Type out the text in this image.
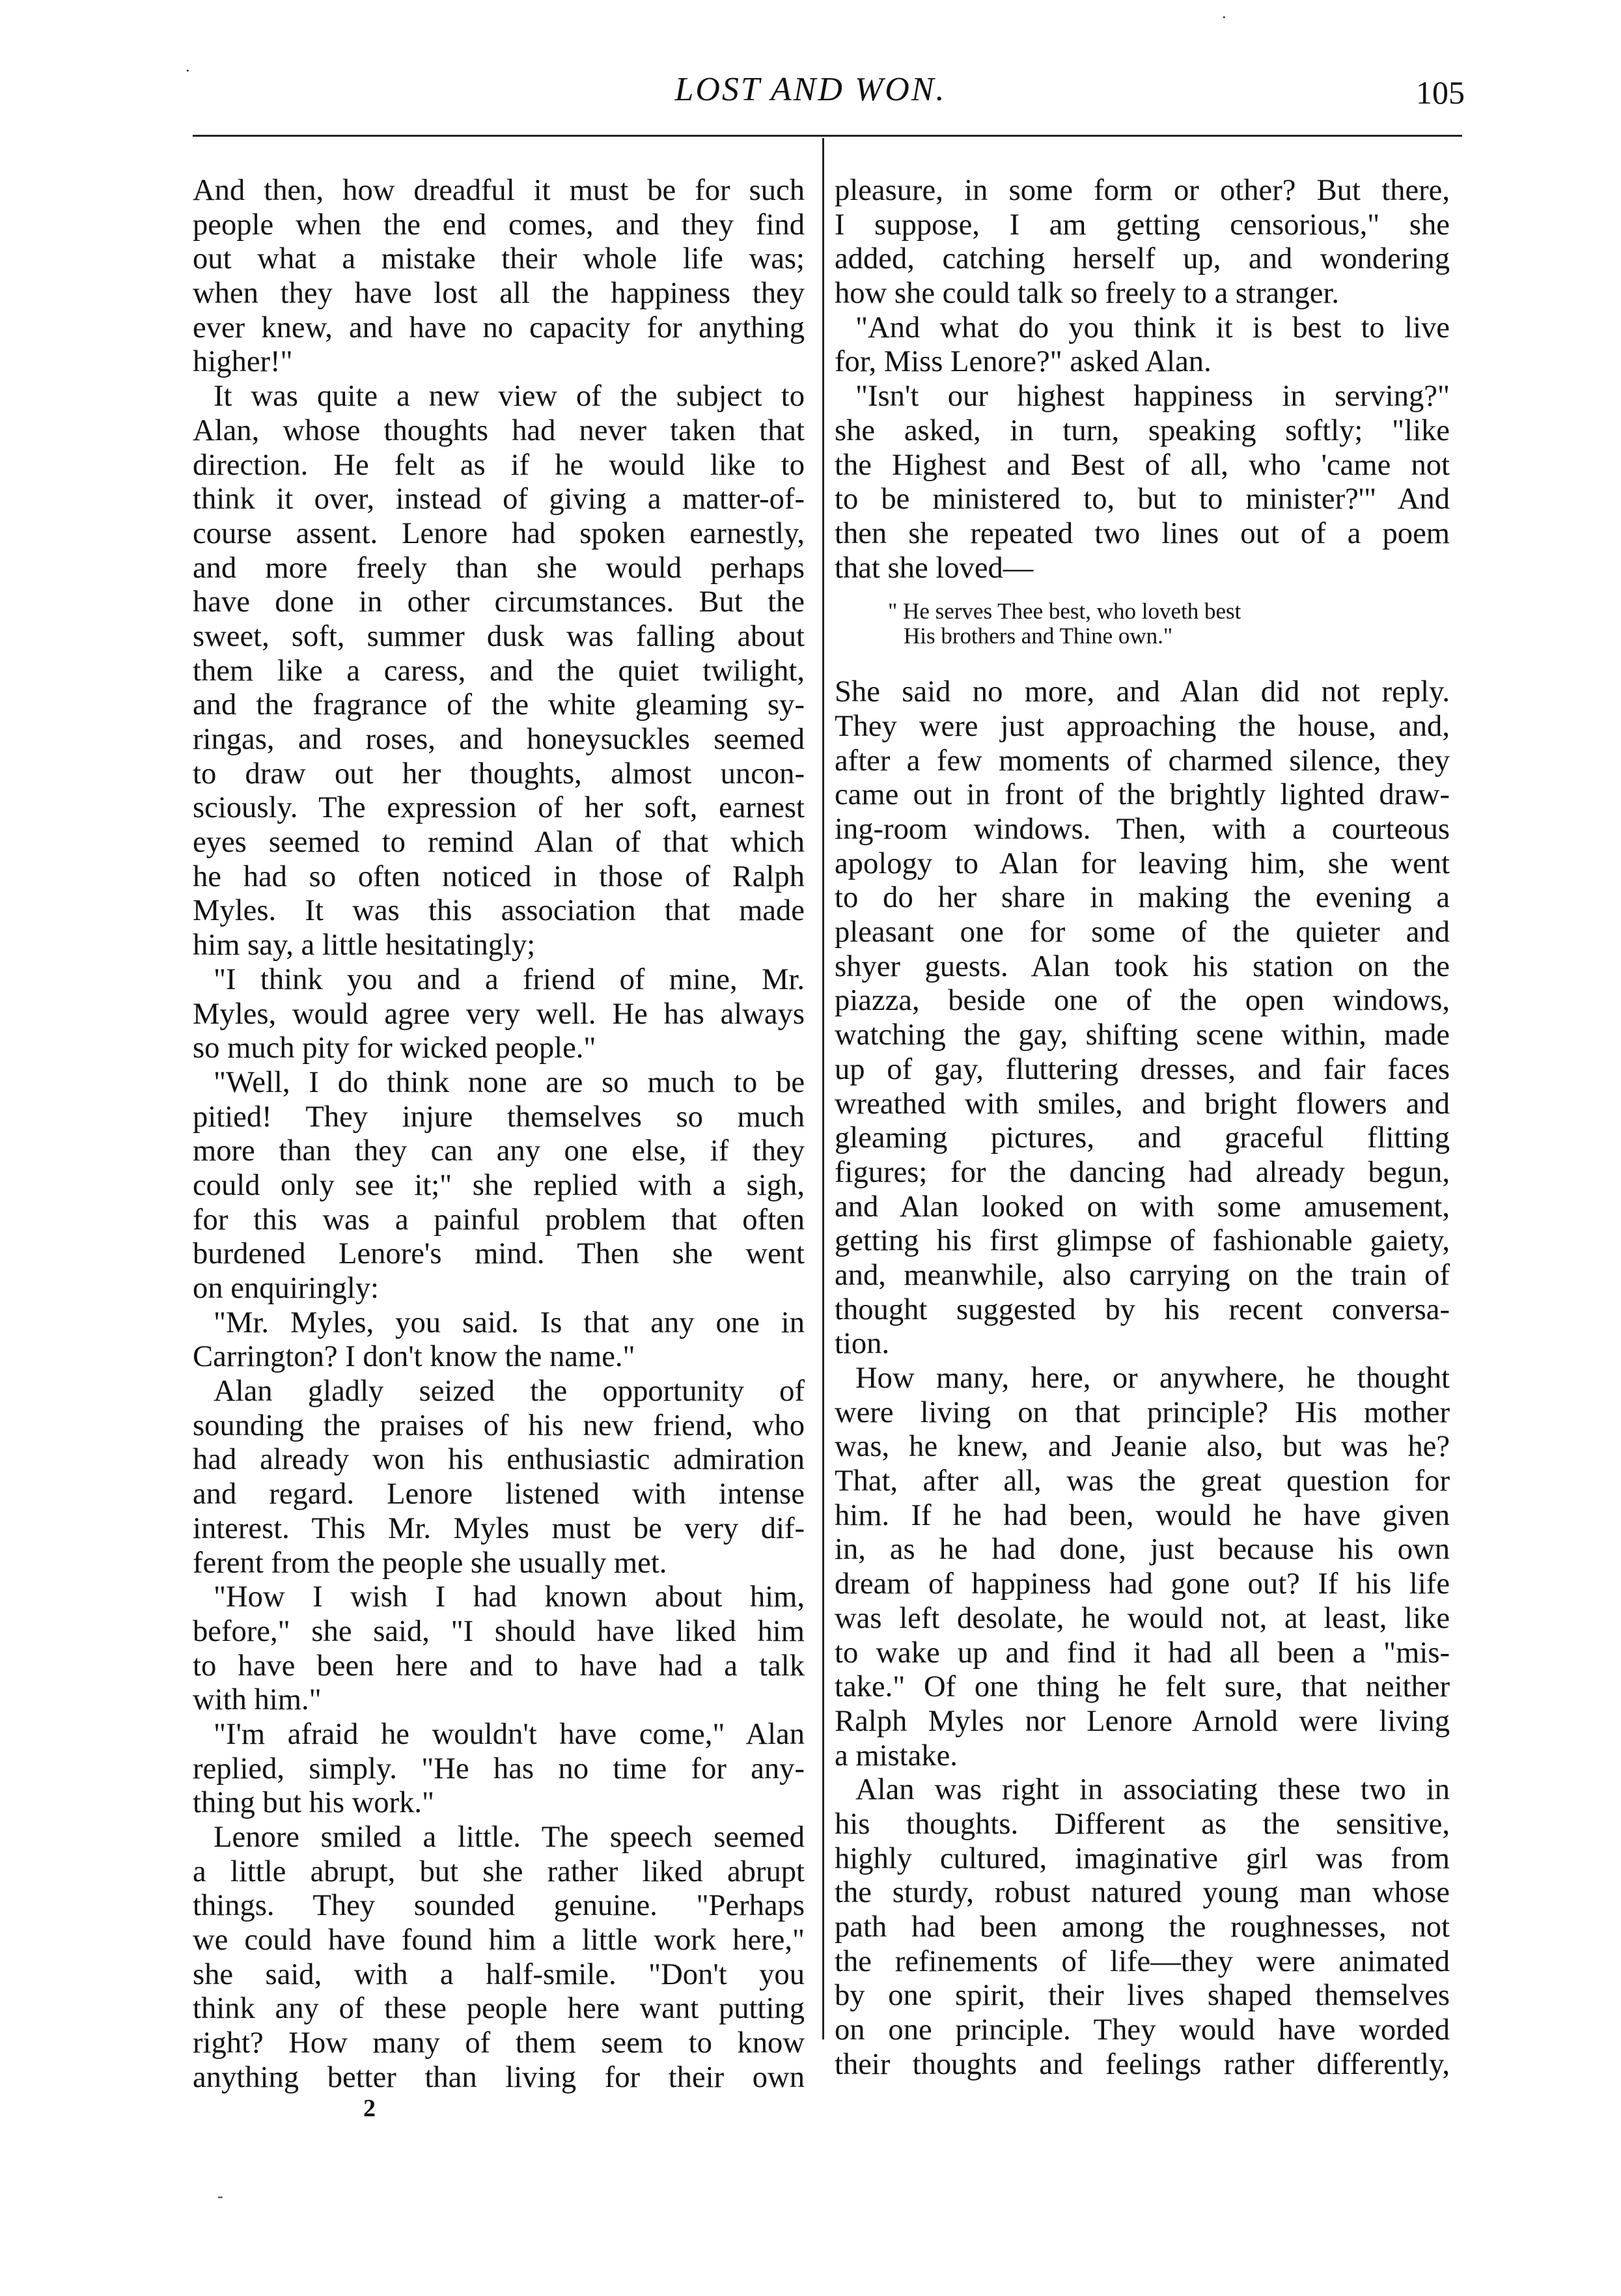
LOST AND WON.	105
·
·
-
And then, how dreadful it must be for such
people when the end comes, and they find
out what a mistake their whole life was;
when they have lost all the happiness they
ever knew, and have no capacity for anything
higher!"
It was quite a new view of the subject to
Alan, whose thoughts had never taken that
direction. He felt as if he would like to
think it over, instead of giving a matter-of-
course assent. Lenore had spoken earnestly,
and more freely than she would perhaps
have done in other circumstances. But the
sweet, soft, summer dusk was falling about
them like a caress, and the quiet twilight,
and the fragrance of the white gleaming sy-
ringas, and roses, and honeysuckles seemed
to draw out her thoughts, almost uncon-
sciously. The expression of her soft, earnest
eyes seemed to remind Alan of that which
he had so often noticed in those of Ralph
Myles. It was this association that made
him say, a little hesitatingly;
"I think you and a friend of mine, Mr.
Myles, would agree very well. He has always
so much pity for wicked people."
"Well, I do think none are so much to be
pitied! They injure themselves so much
more than they can any one else, if they
could only see it;" she replied with a sigh,
for this was a painful problem that often
burdened Lenore's mind. Then she went
on enquiringly:
"Mr. Myles, you said. Is that any one in
Carrington? I don't know the name."
Alan gladly seized the opportunity of
sounding the praises of his new friend, who
had already won his enthusiastic admiration
and regard. Lenore listened with intense
interest. This Mr. Myles must be very dif-
ferent from the people she usually met.
"How I wish I had known about him,
before," she said, "I should have liked him
to have been here and to have had a talk
with him."
"I'm afraid he wouldn't have come," Alan
replied, simply. "He has no time for any-
thing but his work."
Lenore smiled a little. The speech seemed
a little abrupt, but she rather liked abrupt
things. They sounded genuine. "Perhaps
we could have found him a little work here,"
she said, with a half-smile. "Don't you
think any of these people here want putting
right? How many of them seem to know
anything better than living for their own
pleasure, in some form or other? But there,
I suppose, I am getting censorious," she
added, catching herself up, and wondering
how she could talk so freely to a stranger.
"And what do you think it is best to live
for, Miss Lenore?" asked Alan.
"Isn't our highest happiness in serving?"
she asked, in turn, speaking softly; "like
the Highest and Best of all, who 'came not
to be ministered to, but to minister?'" And
then she repeated two lines out of a poem
that she loved—
" He serves Thee best, who loveth best
His brothers and Thine own."
She said no more, and Alan did not reply.
They were just approaching the house, and,
after a few moments of charmed silence, they
came out in front of the brightly lighted draw-
ing-room windows. Then, with a courteous
apology to Alan for leaving him, she went
to do her share in making the evening a
pleasant one for some of the quieter and
shyer guests. Alan took his station on the
piazza, beside one of the open windows,
watching the gay, shifting scene within, made
up of gay, fluttering dresses, and fair faces
wreathed with smiles, and bright flowers and
gleaming pictures, and graceful flitting
figures; for the dancing had already begun,
and Alan looked on with some amusement,
getting his first glimpse of fashionable gaiety,
and, meanwhile, also carrying on the train of
thought suggested by his recent conversa-
tion.
How many, here, or anywhere, he thought
were living on that principle? His mother
was, he knew, and Jeanie also, but was he?
That, after all, was the great question for
him. If he had been, would he have given
in, as he had done, just because his own
dream of happiness had gone out? If his life
was left desolate, he would not, at least, like
to wake up and find it had all been a "mis-
take." Of one thing he felt sure, that neither
Ralph Myles nor Lenore Arnold were living
a mistake.
Alan was right in associating these two in
his thoughts. Different as the sensitive,
highly cultured, imaginative girl was from
the sturdy, robust natured young man whose
path had been among the roughnesses, not
the refinements of life—they were animated
by one spirit, their lives shaped themselves
on one principle. They would have worded
their thoughts and feelings rather differently,
2
